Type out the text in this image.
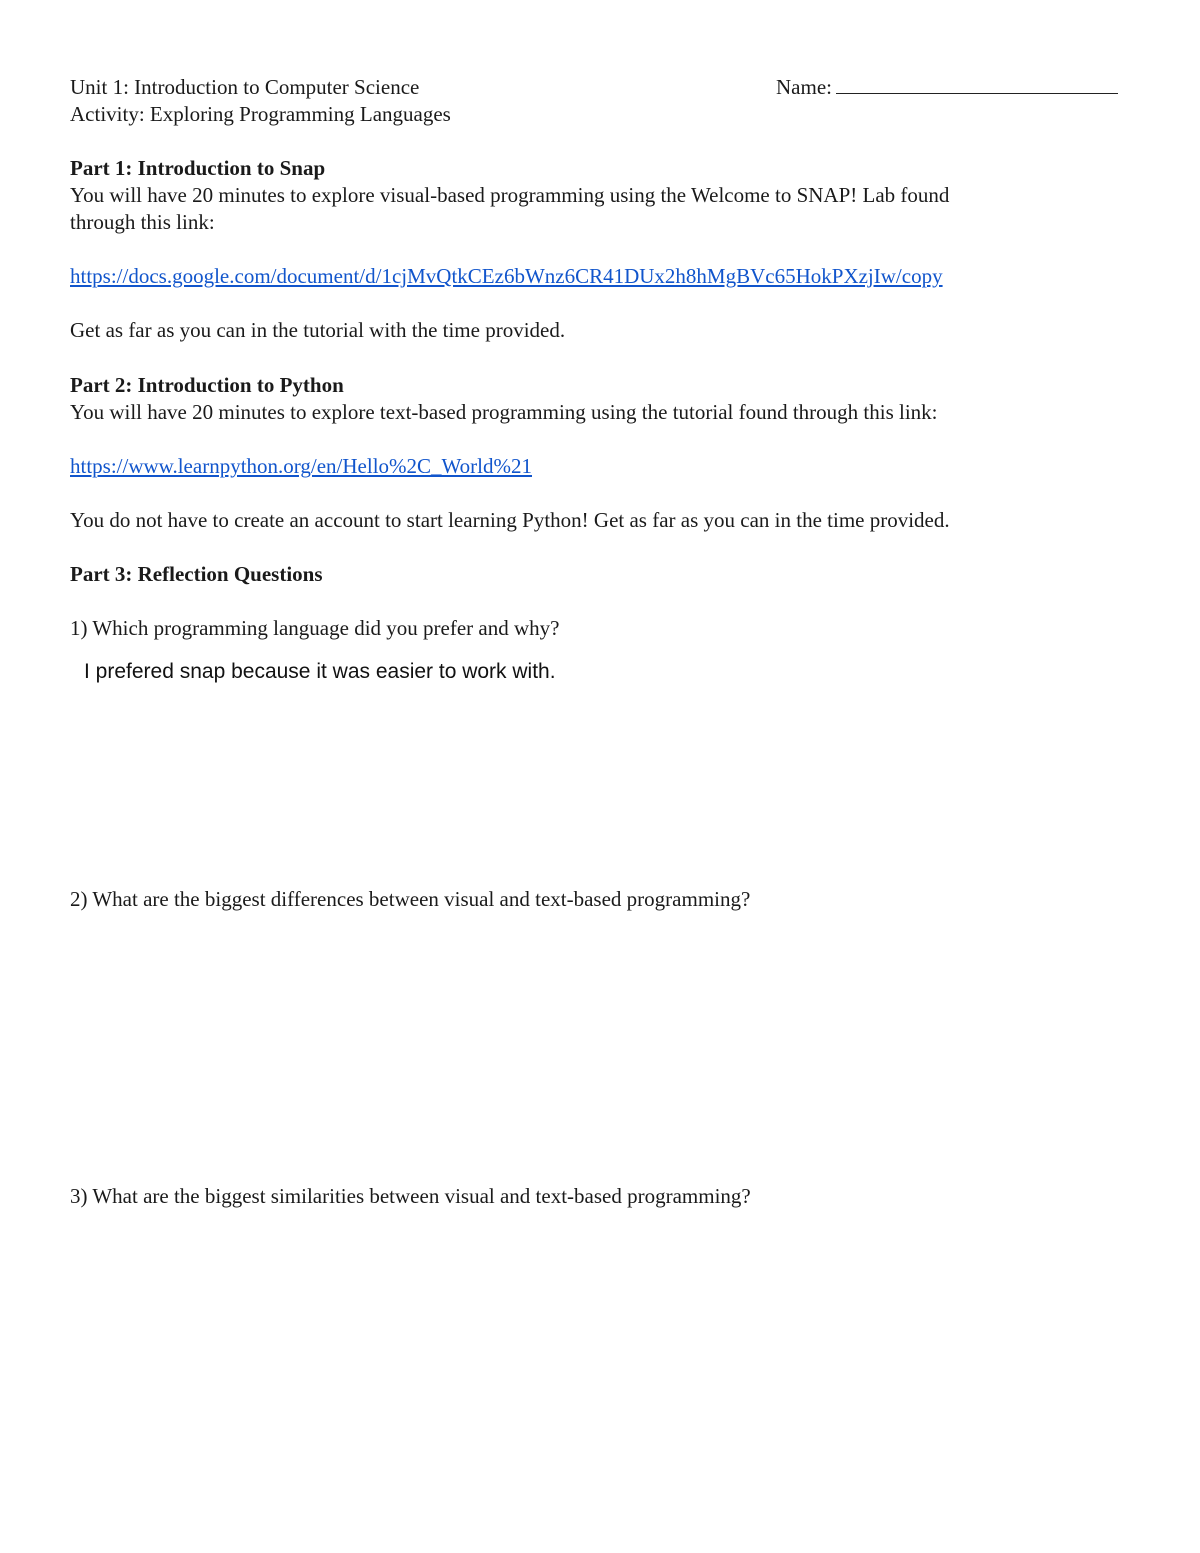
Unit 1: Introduction to Computer Science
Activity: Exploring Programming Languages
Name:
Part 1: Introduction to Snap
You will have 20 minutes to explore visual-based programming using the Welcome to SNAP! Lab found
through this link:
https://docs.google.com/document/d/1cjMvQtkCEz6bWnz6CR41DUx2h8hMgBVc65HokPXzjIw/copy
Get as far as you can in the tutorial with the time provided.
Part 2: Introduction to Python
You will have 20 minutes to explore text-based programming using the tutorial found through this link:
https://www.learnpython.org/en/Hello%2C_World%21
You do not have to create an account to start learning Python! Get as far as you can in the time provided.
Part 3: Reflection Questions
1) Which programming language did you prefer and why?
I prefered snap because it was easier to work with.
2) What are the biggest differences between visual and text-based programming?
3) What are the biggest similarities between visual and text-based programming?
